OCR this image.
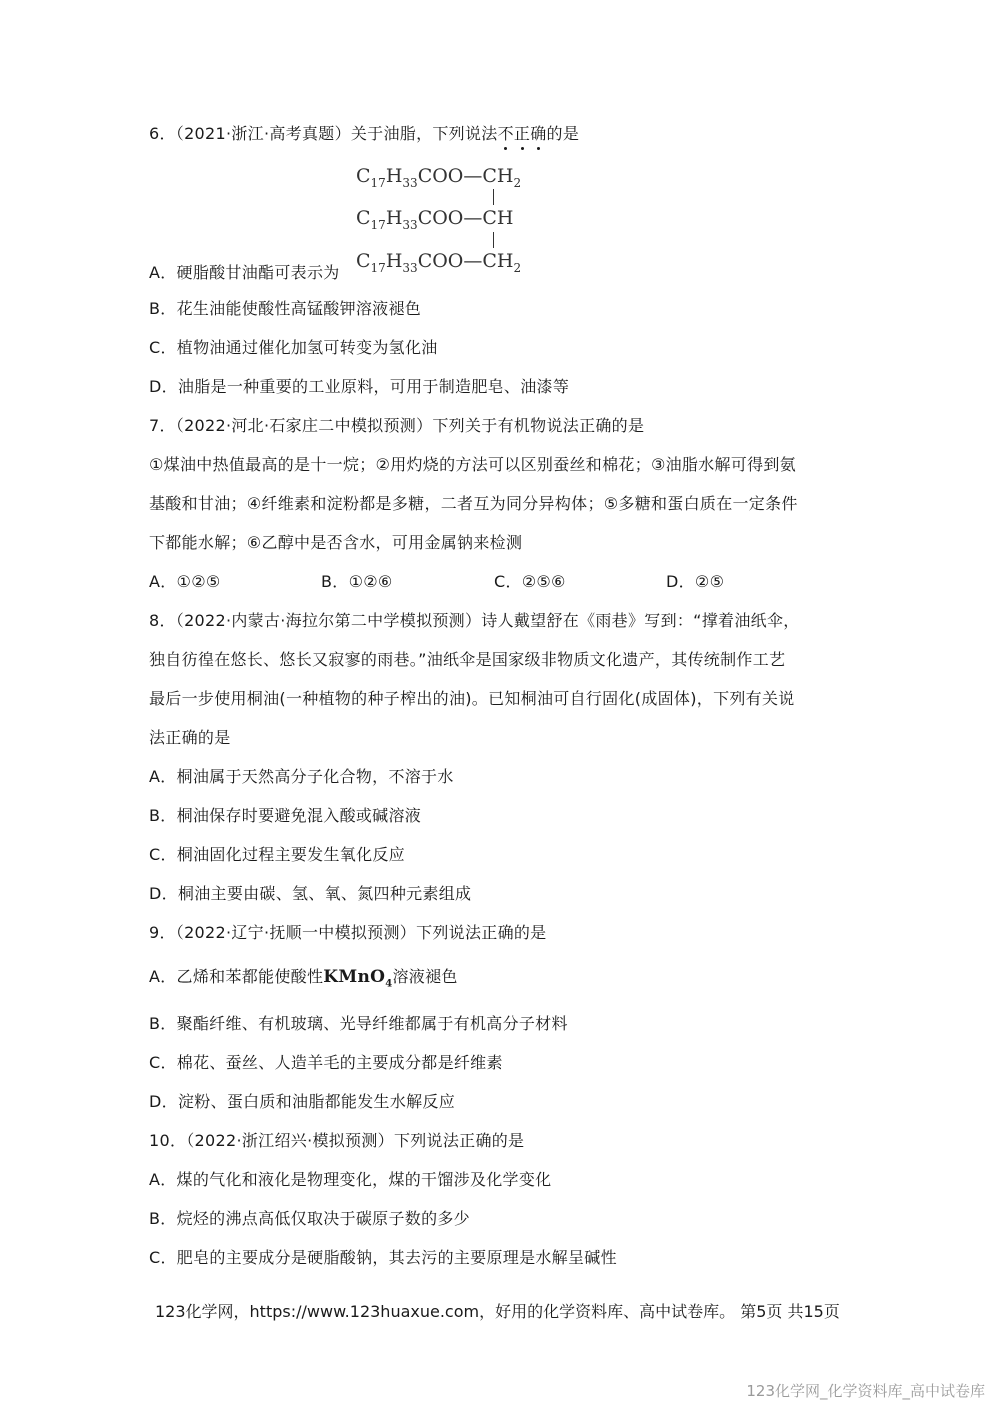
6．（2021·浙江·高考真题）关于油脂，下列说法不正确的是
$C_{17}H_{33}COO—CH_2$
$C_{17}H_{33}COO—CH$
$C_{17}H_{33}COO—CH_2$
A．硬脂酸甘油酯可表示为
B．花生油能使酸性高锰酸钾溶液褪色
C．植物油通过催化加氢可转变为氢化油
D．油脂是一种重要的工业原料，可用于制造肥皂、油漆等
7．（2022·河北·石家庄二中模拟预测）下列关于有机物说法正确的是
①煤油中热值最高的是十一烷；②用灼烧的方法可以区别蚕丝和棉花；③油脂水解可得到氨
基酸和甘油；④纤维素和淀粉都是多糖，二者互为同分异构体；⑤多糖和蛋白质在一定条件
下都能水解；⑥乙醇中是否含水，可用金属钠来检测
A．①②⑤	B．①②⑥	C．②⑤⑥	D．②⑤
8．（2022·内蒙古·海拉尔第二中学模拟预测）诗人戴望舒在《雨巷》写到：“撑着油纸伞，
独自彷徨在悠长、悠长又寂寥的雨巷。”油纸伞是国家级非物质文化遗产，其传统制作工艺
最后一步使用桐油(一种植物的种子榨出的油)。已知桐油可自行固化(成固体)，下列有关说
法正确的是
A．桐油属于天然高分子化合物，不溶于水
B．桐油保存时要避免混入酸或碱溶液
C．桐油固化过程主要发生氧化反应
D．桐油主要由碳、氢、氧、氮四种元素组成
9．（2022·辽宁·抚顺一中模拟预测）下列说法正确的是
A．乙烯和苯都能使酸性KMnO$_4$溶液褪色
B．聚酯纤维、有机玻璃、光导纤维都属于有机高分子材料
C．棉花、蚕丝、人造羊毛的主要成分都是纤维素
D．淀粉、蛋白质和油脂都能发生水解反应
10．（2022·浙江绍兴·模拟预测）下列说法正确的是
A．煤的气化和液化是物理变化，煤的干馏涉及化学变化
B．烷烃的沸点高低仅取决于碳原子数的多少
C．肥皂的主要成分是硬脂酸钠，其去污的主要原理是水解呈碱性
123化学网，https://www.123huaxue.com，好用的化学资料库、高中试卷库。 第5页 共15页
123化学网_化学资料库_高中试卷库
